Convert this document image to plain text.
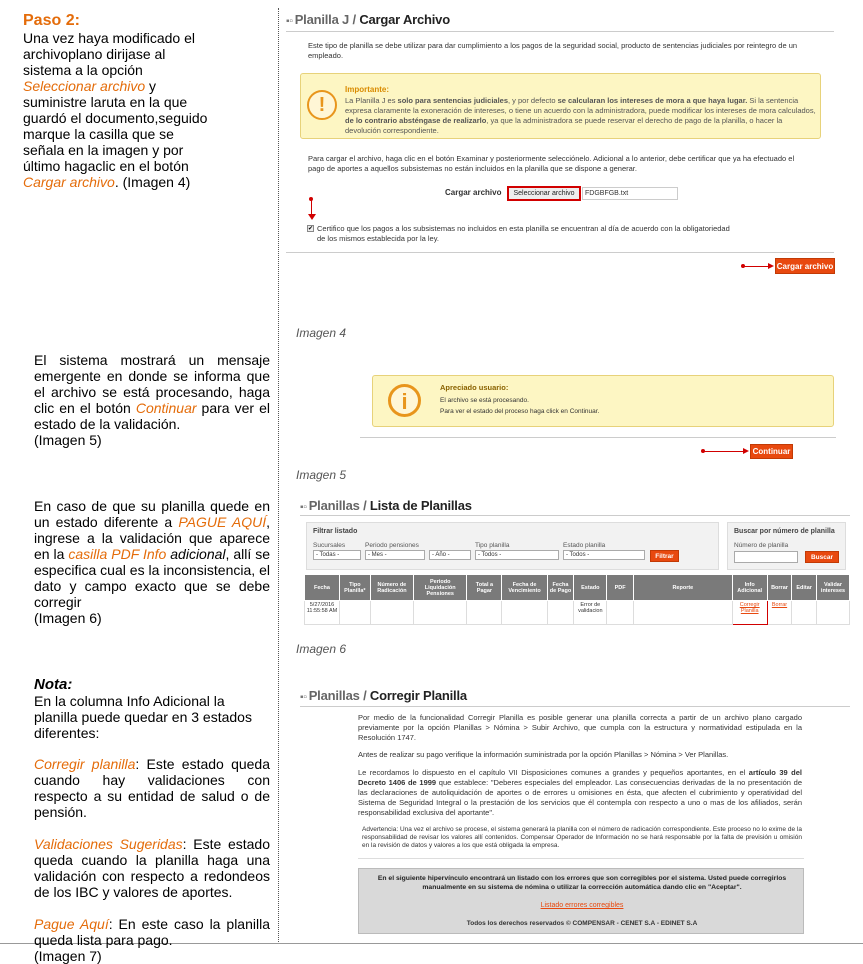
Paso 2:
Una vez haya modificado el
archivoplano dirijase al
sistema a la opción
Seleccionar archivo y
suministre laruta en la que
guardó el documento,seguido
marque la casilla que se
señala en la imagen y por
último hagaclic en el botón
Cargar archivo. (Imagen 4)
El sistema mostrará un mensaje emergente en donde se informa que el archivo se está procesando, haga clic en el botón Continuar para ver el estado de la validación.
(Imagen 5)
En caso de que su planilla quede en un estado diferente a PAGUE AQUÍ, ingrese a la validación que aparece en la casilla PDF Info adicional, allí se especifica cual es la inconsistencia, el dato y campo exacto que se debe corregir
(Imagen 6)
Nota:
En la columna Info Adicional la planilla puede quedar en 3 estados diferentes:
Corregir planilla: Este estado queda cuando hay validaciones con respecto a su entidad de salud o de pensión.
Validaciones Sugeridas: Este estado queda cuando la planilla haga una validación con respecto a redondeos de los IBC y valores de aportes.
Pague Aquí: En este caso la planilla queda lista para pago.
(Imagen 7)
▪▫ Planilla J / Cargar Archivo
Este tipo de planilla se debe utilizar para dar cumplimiento a los pagos de la seguridad social, producto de sentencias judiciales por reintegro de un empleado.
!
Importante:
La Planilla J es solo para sentencias judiciales, y por defecto se calcularan los intereses de mora a que haya lugar. Si la sentencia expresa claramente la exoneración de intereses, o tiene un acuerdo con la administradora, puede modificar los intereses de mora calculados, de lo contrario absténgase de realizarlo, ya que la administradora se puede reservar el derecho de pago de la planilla, o hacer la devolución correspondiente.
Para cargar el archivo, haga clic en el botón Examinar y posteriormente selecciónelo. Adicional a lo anterior, debe certificar que ya ha efectuado el pago de aportes a aquellos subsistemas no están incluidos en la planilla que se dispone a generar.
Cargar archivo	Seleccionar archivo	FDGBFGB.txt
✔ Certifico que los pagos a los subsistemas no incluidos en esta planilla se encuentran al día de acuerdo con la obligatoriedad de los mismos establecida por la ley.
Cargar archivo
Imagen 4
i
Apreciado usuario:
El archivo se está procesando.
Para ver el estado del proceso haga click en Continuar.
Continuar
Imagen 5
▪▫ Planillas / Lista de Planillas
Filtrar listado
Sucursales
- Todas -
Periodo pensiones
- Mes -	- Año -
Tipo planilla
- Todos -
Estado planilla
- Todos -	Filtrar
Buscar por número de planilla
Número de planilla
Buscar
Fecha	Tipo Planilla*	Número de Radicación	Periodo Liquidación Pensiones	Total a Pagar	Fecha de Vencimiento	Fecha de Pago	Estado	PDF	Reporte	Info Adicional	Borrar	Editar	Validar intereses
5/27/2016 11:55:58 AM							Error de validacion			Corregir Planilla	Borrar		
Imagen 6
▪▫ Planillas / Corregir Planilla
Por medio de la funcionalidad Corregir Planilla es posible generar una planilla correcta a partir de un archivo plano cargado previamente por la opción Planillas > Nómina > Subir Archivo, que cumpla con la estructura y normatividad estipulada en la Resolución 1747.
Antes de realizar su pago verifique la información suministrada por la opción Planillas > Nómina > Ver Planillas.
Le recordamos lo dispuesto en el capítulo VII Disposiciones comunes a grandes y pequeños aportantes, en el artículo 39 del Decreto 1406 de 1999 que establece: "Deberes especiales del empleador. Las consecuencias derivadas de la no presentación de las declaraciones de autoliquidación de aportes o de errores u omisiones en ésta, que afecten el cubrimiento y operatividad del Sistema de Seguridad Integral o la prestación de los servicios que él contempla con respecto a uno o mas de los afiliados, serán responsabilidad exclusiva del aportante".
Advertencia: Una vez el archivo se procese, el sistema generará la planilla con el número de radicación correspondiente. Este proceso no lo exime de la responsabilidad de revisar los valores allí contenidos. Compensar Operador de Información no se hará responsable por la falta de previsión u omisión en la revisión de datos y valores a los que está obligada la empresa.
En el siguiente hipervínculo encontrará un listado con los errores que son corregibles por el sistema. Usted puede corregirlos manualmente en su sistema de nómina o utilizar la corrección automática dando clic en "Aceptar".
Listado errores corregibles
Todos los derechos reservados © COMPENSAR - CENET S.A - EDINET S.A
